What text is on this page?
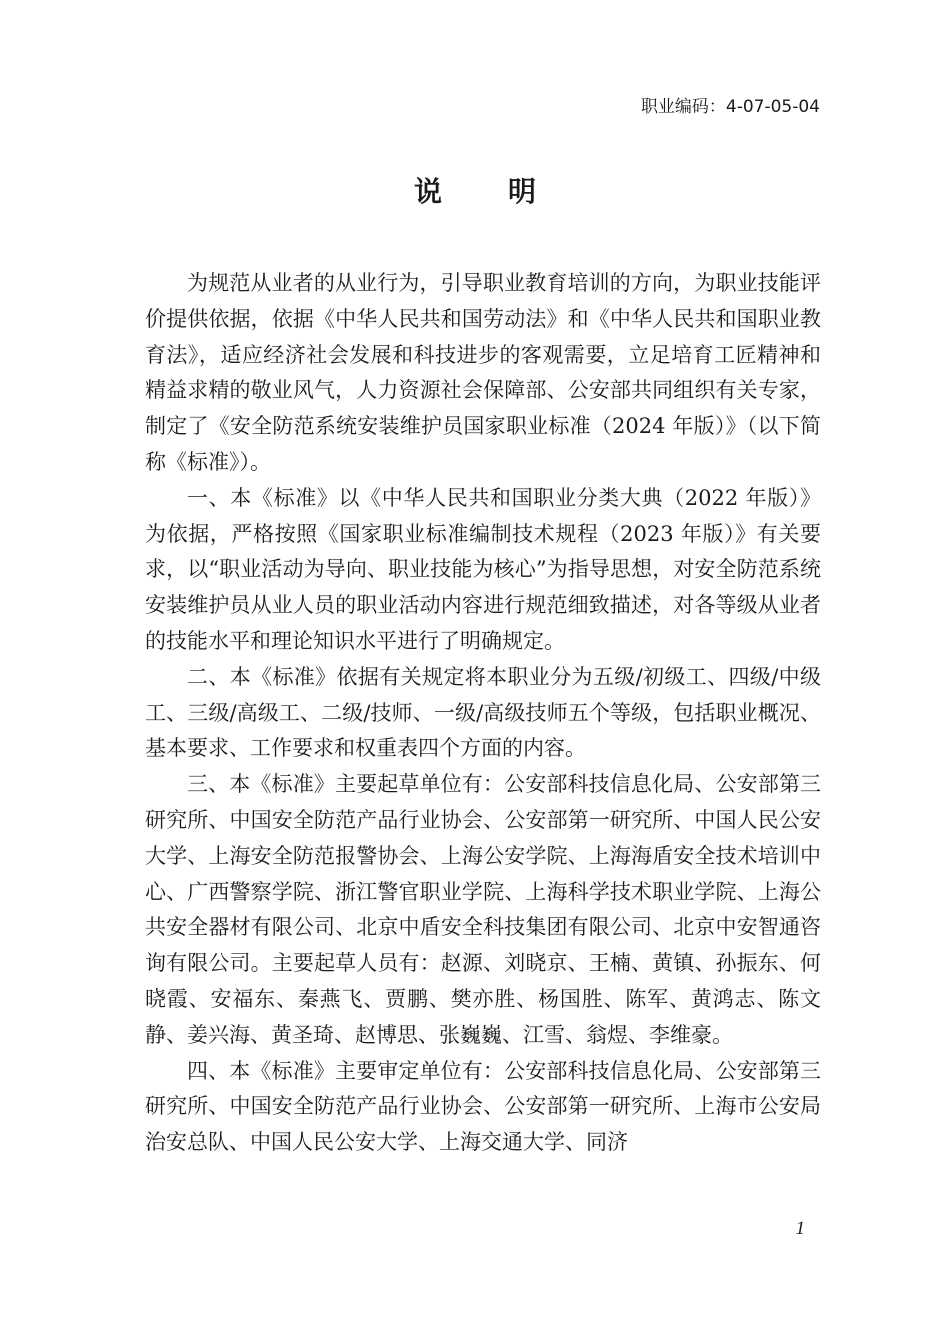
职业编码：4-07-05-04
说明

为规范从业者的从业行为，引导职业教育培训的方向，为职业技能评价提供依据，依据《中华人民共和国劳动法》和《中华人民共和国职业教育法》，适应经济社会发展和科技进步的客观需要，立足培育工匠精神和精益求精的敬业风气，人力资源社会保障部、公安部共同组织有关专家，制定了《安全防范系统安装维护员国家职业标准（2024 年版）》（以下简称《标准》）。

一、本《标准》以《中华人民共和国职业分类大典（2022 年版）》为依据，严格按照《国家职业标准编制技术规程（2023 年版）》有关要求，以“职业活动为导向、职业技能为核心”为指导思想，对安全防范系统安装维护员从业人员的职业活动内容进行规范细致描述，对各等级从业者的技能水平和理论知识水平进行了明确规定。

二、本《标准》依据有关规定将本职业分为五级/初级工、四级/中级工、三级/高级工、二级/技师、一级/高级技师五个等级，包括职业概况、基本要求、工作要求和权重表四个方面的内容。

三、本《标准》主要起草单位有：公安部科技信息化局、公安部第三研究所、中国安全防范产品行业协会、公安部第一研究所、中国人民公安大学、上海安全防范报警协会、上海公安学院、上海海盾安全技术培训中心、广西警察学院、浙江警官职业学院、上海科学技术职业学院、上海公共安全器材有限公司、北京中盾安全科技集团有限公司、北京中安智通咨询有限公司。主要起草人员有：赵源、刘晓京、王楠、黄镇、孙振东、何晓霞、安福东、秦燕飞、贾鹏、樊亦胜、杨国胜、陈军、黄鸿志、陈文静、姜兴海、黄圣琦、赵博思、张巍巍、江雪、翁煜、李维豪。

四、本《标准》主要审定单位有：公安部科技信息化局、公安部第三研究所、中国安全防范产品行业协会、公安部第一研究所、上海市公安局治安总队、中国人民公安大学、上海交通大学、同济

1
